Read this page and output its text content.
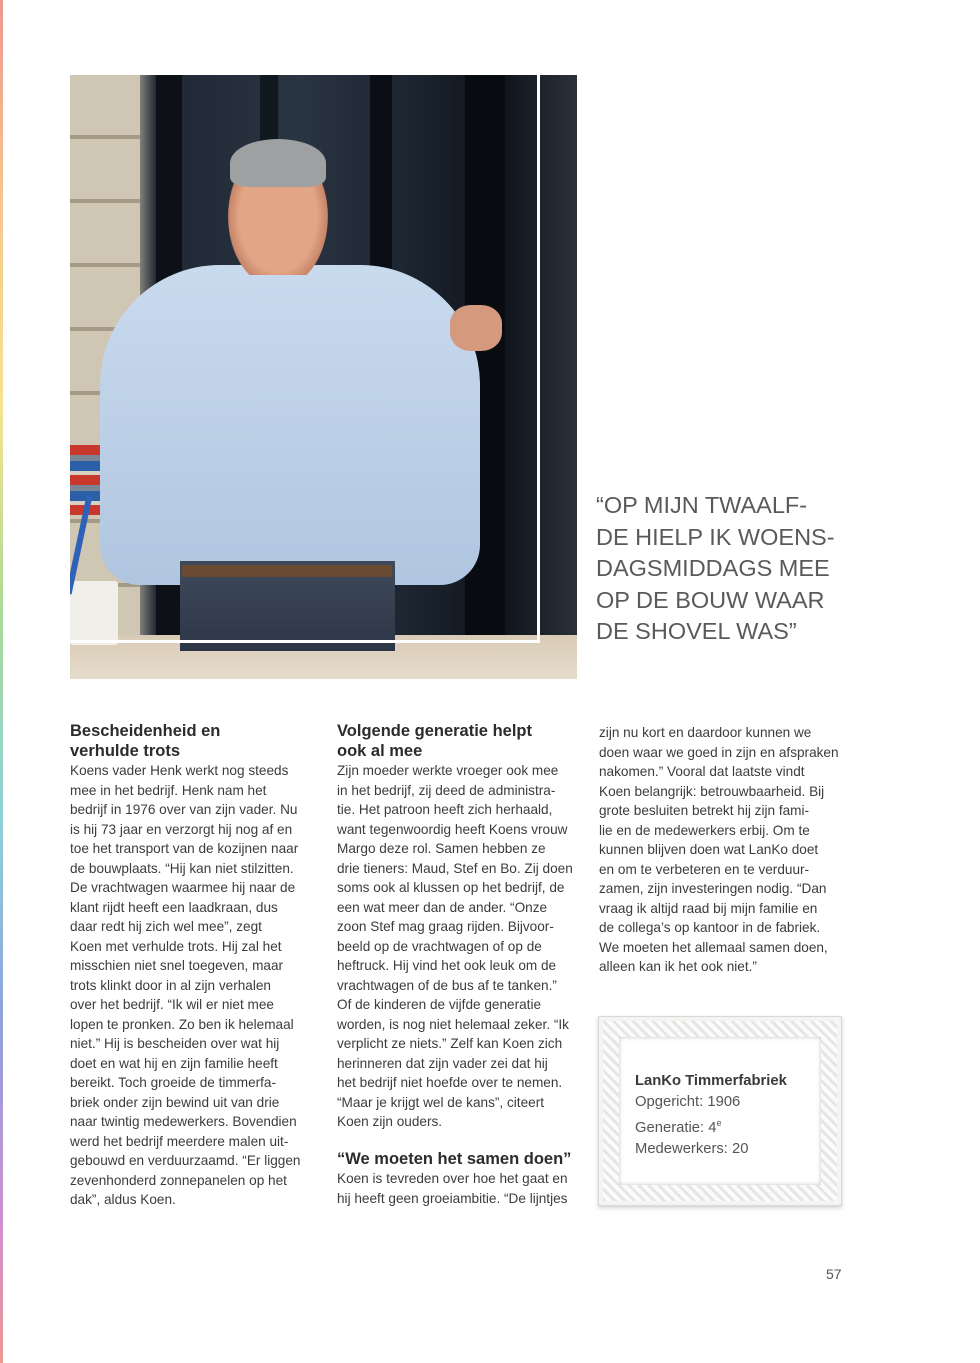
“OP MIJN TWAALF-
DE HIELP IK WOENS-
DAGSMIDDAGS MEE
OP DE BOUW WAAR
DE SHOVEL WAS”
Bescheidenheid en
verhulde trots

Koens vader Henk werkt nog steeds
mee in het bedrijf. Henk nam het
bedrijf in 1976 over van zijn vader. Nu
is hij 73 jaar en verzorgt hij nog af en
toe het transport van de kozijnen naar
de bouwplaats. “Hij kan niet stilzitten.
De vrachtwagen waarmee hij naar de
klant rijdt heeft een laadkraan, dus
daar redt hij zich wel mee”, zegt
Koen met verhulde trots. Hij zal het
misschien niet snel toegeven, maar
trots klinkt door in al zijn verhalen
over het bedrijf. “Ik wil er niet mee
lopen te pronken. Zo ben ik helemaal
niet.” Hij is bescheiden over wat hij
doet en wat hij en zijn familie heeft
bereikt. Toch groeide de timmerfa-
briek onder zijn bewind uit van drie
naar twintig medewerkers. Bovendien
werd het bedrijf meerdere malen uit-
gebouwd en verduurzaamd. “Er liggen
zevenhonderd zonnepanelen op het
dak”, aldus Koen.

Volgende generatie helpt
ook al mee

Zijn moeder werkte vroeger ook mee
in het bedrijf, zij deed de administra-
tie. Het patroon heeft zich herhaald,
want tegenwoordig heeft Koens vrouw
Margo deze rol. Samen hebben ze
drie tieners: Maud, Stef en Bo. Zij doen
soms ook al klussen op het bedrijf, de
een wat meer dan de ander. “Onze
zoon Stef mag graag rijden. Bijvoor-
beeld op de vrachtwagen of op de
heftruck. Hij vind het ook leuk om de
vrachtwagen of de bus af te tanken.”
Of de kinderen de vijfde generatie
worden, is nog niet helemaal zeker. “Ik
verplicht ze niets.” Zelf kan Koen zich
herinneren dat zijn vader zei dat hij
het bedrijf niet hoefde over te nemen.
“Maar je krijgt wel de kans”, citeert
Koen zijn ouders.

“We moeten het samen doen”

Koen is tevreden over hoe het gaat en
hij heeft geen groeiambitie. “De lijntjes

zijn nu kort en daardoor kunnen we
doen waar we goed in zijn en afspraken
nakomen.” Vooral dat laatste vindt
Koen belangrijk: betrouwbaarheid. Bij
grote besluiten betrekt hij zijn fami-
lie en de medewerkers erbij. Om te
kunnen blijven doen wat LanKo doet
en om te verbeteren en te verduur-
zamen, zijn investeringen nodig. “Dan
vraag ik altijd raad bij mijn familie en
de collega’s op kantoor in de fabriek.
We moeten het allemaal samen doen,
alleen kan ik het ook niet.”

LanKo Timmerfabriek
Opgericht: 1906
Generatie: 4e
Medewerkers: 20
57
